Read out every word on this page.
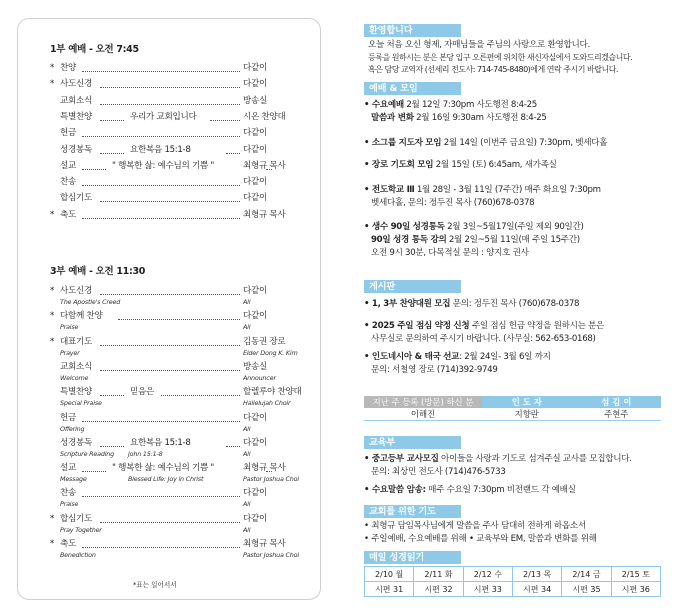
1부 예배 - 오전 7:45
* 찬양	다같이
* 사도신경	다같이
교회소식	방송실
특별찬양	우리가 교회입니다	시온 찬양대
헌금	다같이
성경봉독	요한복음 15:1-8	다같이
설교	" 행복한 삶: 예수님의 기쁨 "	최형규 목사
찬송	다같이
합심기도	다같이
* 축도	최형규 목사
3부 예배 - 오전 11:30
* 사도신경	다같이
The Apostle's Creed	All
* 다함께 찬양	다같이
Praise	All
* 대표기도	김동권 장로
Prayer	Elder Dong K. Kim
교회소식	방송실
Welcome	Announcer
특별찬양	믿음은	할렐루야 찬양대
Special Praise	Hallelujah Choir
헌금	다같이
Offering	All
성경봉독	요한복음 15:1-8	다같이
Scripture Reading John 15:1-8	All
설교	" 행복한 삶: 예수님의 기쁨 "	최형규 목사
Message	Blessed Life: Joy in Christ	Pastor Joshua Choi
찬송	다같이
Praise	All
* 합심기도	다같이
Pray Together	All
* 축도	최형규 목사
Benediction	Pastor Joshua Choi
*표는 일어서서
환영합니다
오늘 처음 오신 형제, 자매님들을 주님의 사랑으로 환영합니다.
등록을 원하시는 분은 본당 입구 오른편에 위치한 새신자실에서 도와드리겠습니다.
혹은 담당 교역자 (선세리 전도사: 714-745-8480)에게 연락 주시기 바랍니다.
예배 & 모임
• 수요예배 2월 12일 7:30pm 사도행전 8:4-25
말씀과 변화 2월 16일 9:30am 사도행전 8:4-25
• 소그룹 지도자 모임 2월 14일 (이번주 금요일) 7:30pm, 벳세다홀
• 장로 기도회 모임 2월 15일 (토) 6:45am, 새가족실
• 전도학교 Ⅲ 1월 28일 - 3월 11일 (7주간) 매주 화요일 7:30pm
벳세다홀, 문의: 정두진 목사 (760)678-0378
• 생수 90일 성경통독 2월 3일~5월17일(주일 제외 90일간)
90일 성경 통독 강의 2월 2일~5월 11일(매 주일 15주간)
오전 9시 30분, 다목적실 문의 : 양지호 권사
게시판
• 1, 3부 찬양대원 모집 문의: 정두진 목사 (760)678-0378
• 2025 주일 점심 약정 신청 주일 점심 헌금 약정을 원하시는 분은
사무실로 문의하여 주시기 바랍니다. (사무실: 562-653-0168)
• 인도네시아 & 태국 선교: 2월 24일- 3월 6일 까지
문의: 서철영 장로 (714)392-9749
지난 주 등록 (방문) 하신 분	인 도 자	섬 김 이
이해진	지향란	주현주
교육부
• 중고등부 교사모집 아이들을 사랑과 기도로 섬겨주실 교사를 모집합니다.
문의: 최상민 전도사 (714)476-5733
• 수요말씀 암송: 매주 수요일 7:30pm 비전랜드 각 예배실
교회를 위한 기도
• 최형규 담임목사님에게 말씀을 주사 담대히 전하게 하옵소서
• 주일예배, 수요예배를 위해 • 교육부와 EM, 말씀과 변화를 위해
매일 성경읽기
2/10 월	2/11 화	2/12 수	2/13 목	2/14 금	2/15 토
시편 31	시편 32	시편 33	시편 34	시편 35	시편 36
